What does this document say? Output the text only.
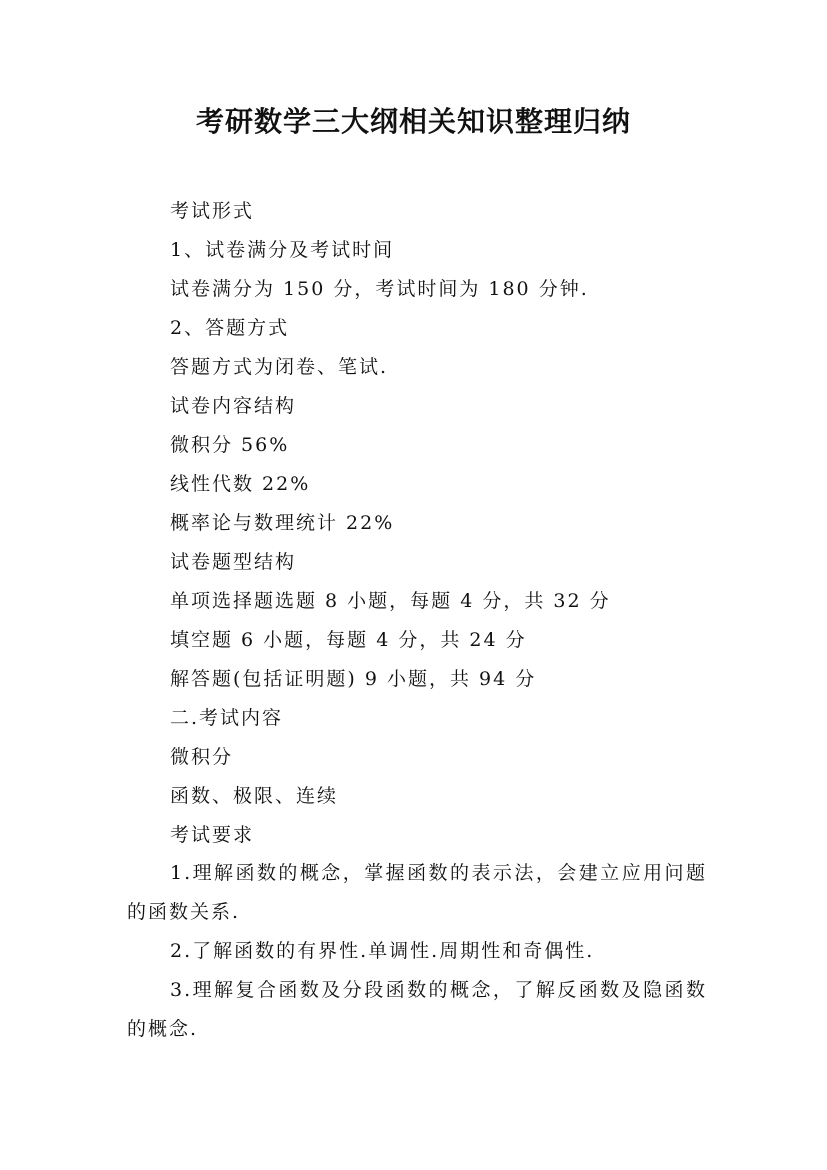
考研数学三大纲相关知识整理归纳

考试形式

1、试卷满分及考试时间

试卷满分为 150 分，考试时间为 180 分钟.

2、答题方式

答题方式为闭卷、笔试.

试卷内容结构

微积分 56%

线性代数 22%

概率论与数理统计 22%

试卷题型结构

单项选择题选题 8 小题，每题 4 分，共 32 分

填空题 6 小题，每题 4 分，共 24 分

解答题(包括证明题) 9 小题，共 94 分

二.考试内容

微积分

函数、极限、连续

考试要求

1.理解函数的概念，掌握函数的表示法，会建立应用问题的函数关系.

2.了解函数的有界性.单调性.周期性和奇偶性.

3.理解复合函数及分段函数的概念，了解反函数及隐函数的概念.
